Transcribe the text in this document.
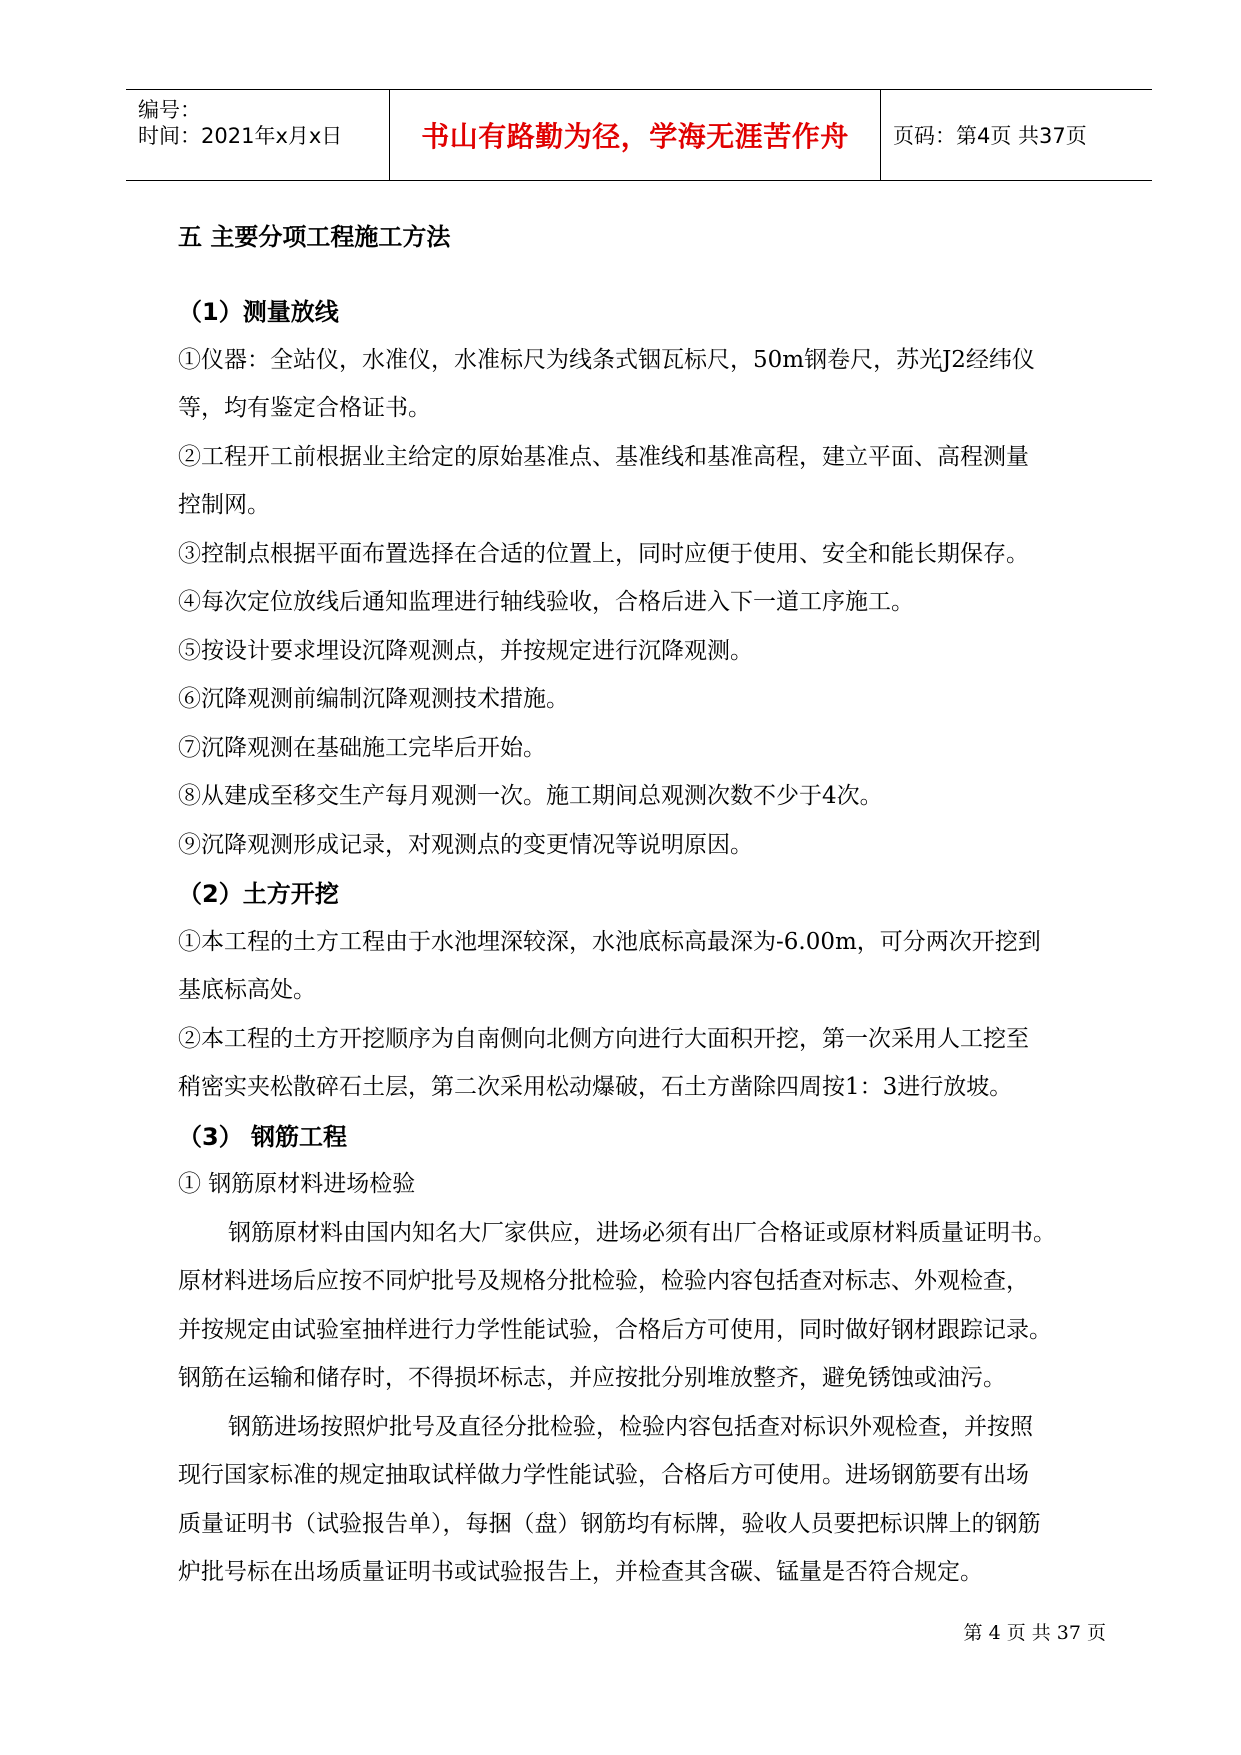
编号：
时间：2021年x月x日	书山有路勤为径，学海无涯苦作舟 页码：第4页 共37页
五 主要分项工程施工方法
（1）测量放线
①仪器：全站仪，水准仪，水准标尺为线条式铟瓦标尺，50m钢卷尺，苏光J2经纬仪
等，均有鉴定合格证书。
②工程开工前根据业主给定的原始基准点、基准线和基准高程，建立平面、高程测量
控制网。
③控制点根据平面布置选择在合适的位置上，同时应便于使用、安全和能长期保存。
④每次定位放线后通知监理进行轴线验收，合格后进入下一道工序施工。
⑤按设计要求埋设沉降观测点，并按规定进行沉降观测。
⑥沉降观测前编制沉降观测技术措施。
⑦沉降观测在基础施工完毕后开始。
⑧从建成至移交生产每月观测一次。施工期间总观测次数不少于4次。
⑨沉降观测形成记录，对观测点的变更情况等说明原因。
（2）土方开挖
①本工程的土方工程由于水池埋深较深，水池底标高最深为-6.00m，可分两次开挖到
基底标高处。
②本工程的土方开挖顺序为自南侧向北侧方向进行大面积开挖，第一次采用人工挖至
稍密实夹松散碎石土层，第二次采用松动爆破，石土方凿除四周按1：3进行放坡。
（3） 钢筋工程
① 钢筋原材料进场检验
钢筋原材料由国内知名大厂家供应，进场必须有出厂合格证或原材料质量证明书。
原材料进场后应按不同炉批号及规格分批检验，检验内容包括查对标志、外观检查，
并按规定由试验室抽样进行力学性能试验，合格后方可使用，同时做好钢材跟踪记录。
钢筋在运输和储存时，不得损坏标志，并应按批分别堆放整齐，避免锈蚀或油污。
钢筋进场按照炉批号及直径分批检验，检验内容包括查对标识外观检查，并按照
现行国家标准的规定抽取试样做力学性能试验，合格后方可使用。进场钢筋要有出场
质量证明书（试验报告单），每捆（盘）钢筋均有标牌，验收人员要把标识牌上的钢筋
炉批号标在出场质量证明书或试验报告上，并检查其含碳、锰量是否符合规定。
第 4 页 共 37 页
